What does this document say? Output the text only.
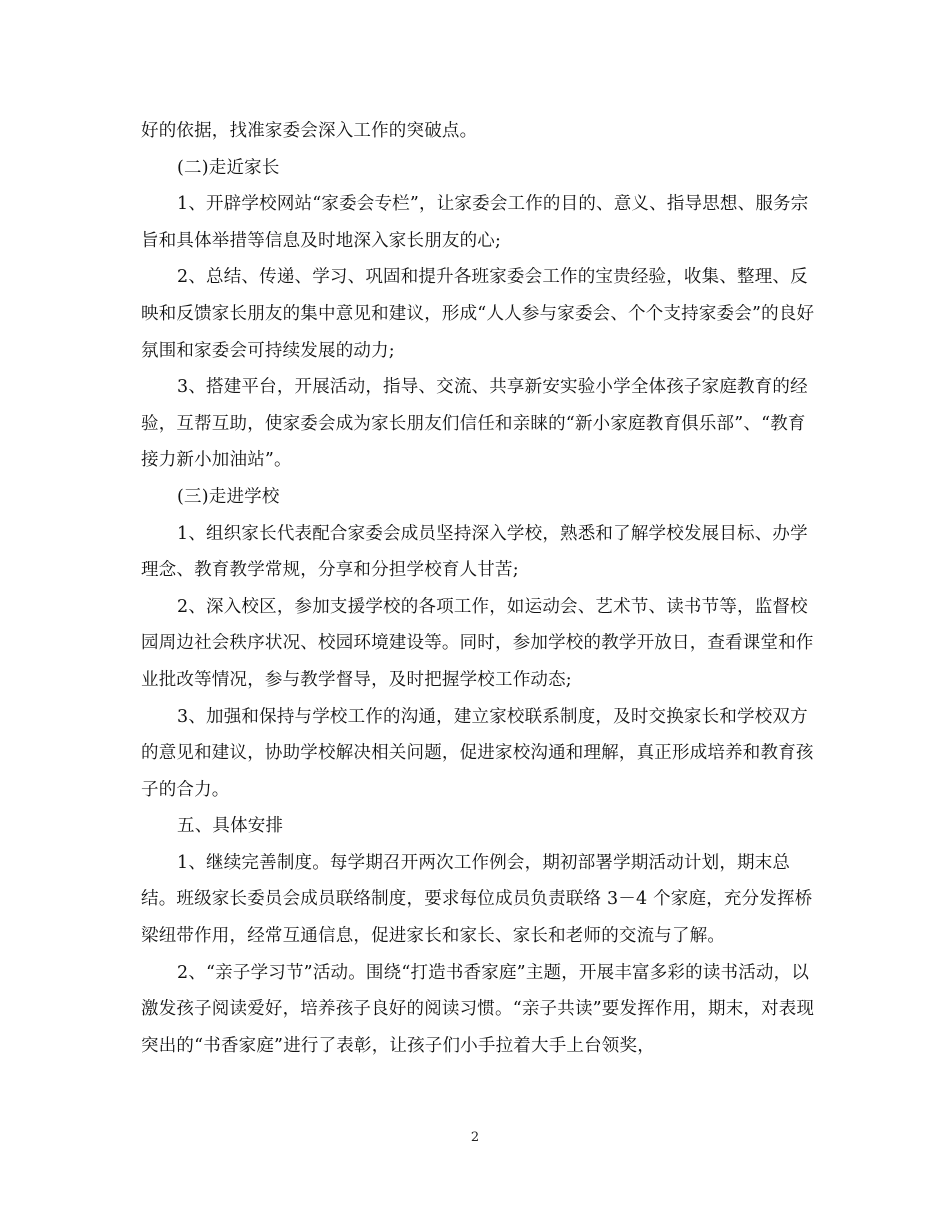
好的依据，找准家委会深入工作的突破点。

(二)走近家长

1、开辟学校网站“家委会专栏”，让家委会工作的目的、意义、指导思想、服务宗旨和具体举措等信息及时地深入家长朋友的心;

2、总结、传递、学习、巩固和提升各班家委会工作的宝贵经验，收集、整理、反映和反馈家长朋友的集中意见和建议，形成“人人参与家委会、个个支持家委会”的良好氛围和家委会可持续发展的动力;

3、搭建平台，开展活动，指导、交流、共享新安实验小学全体孩子家庭教育的经验，互帮互助，使家委会成为家长朋友们信任和亲睐的“新小家庭教育俱乐部”、“教育接力新小加油站”。

(三)走进学校

1、组织家长代表配合家委会成员坚持深入学校，熟悉和了解学校发展目标、办学理念、教育教学常规，分享和分担学校育人甘苦;

2、深入校区，参加支援学校的各项工作，如运动会、艺术节、读书节等，监督校园周边社会秩序状况、校园环境建设等。同时，参加学校的教学开放日，查看课堂和作业批改等情况，参与教学督导，及时把握学校工作动态;

3、加强和保持与学校工作的沟通，建立家校联系制度，及时交换家长和学校双方的意见和建议，协助学校解决相关问题，促进家校沟通和理解，真正形成培养和教育孩子的合力。

五、具体安排

1、继续完善制度。每学期召开两次工作例会，期初部署学期活动计划，期末总结。班级家长委员会成员联络制度，要求每位成员负责联络 3－4 个家庭，充分发挥桥梁纽带作用，经常互通信息，促进家长和家长、家长和老师的交流与了解。

2、“亲子学习节”活动。围绕“打造书香家庭”主题，开展丰富多彩的读书活动，以激发孩子阅读爱好，培养孩子良好的阅读习惯。“亲子共读”要发挥作用，期末，对表现突出的“书香家庭”进行了表彰，让孩子们小手拉着大手上台领奖，

2
